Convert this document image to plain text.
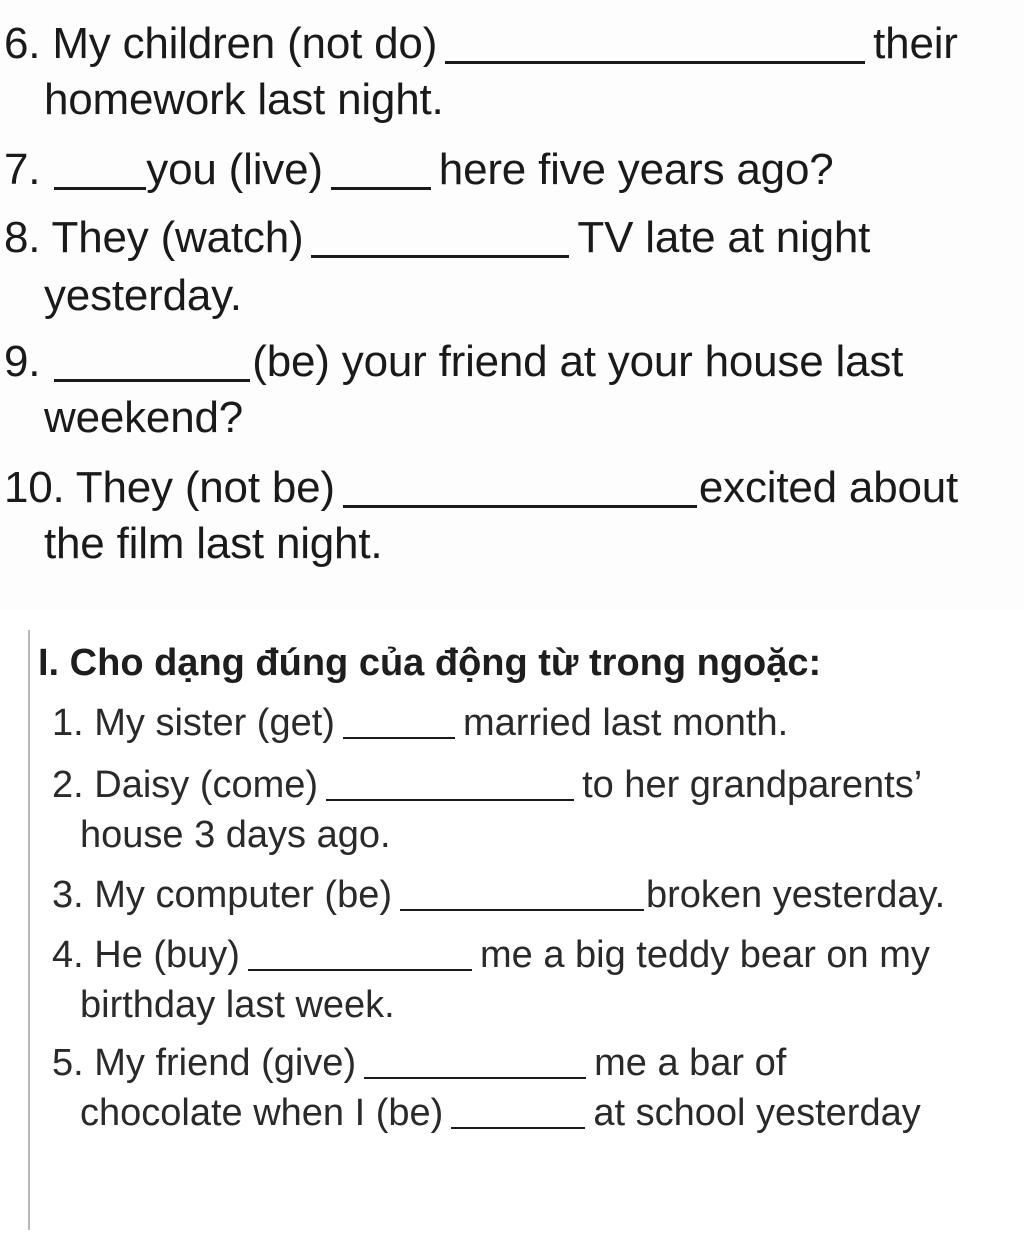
6. My children (not do)	their
homework last night.
7. you (live)	here five years ago?
8. They (watch)	TV late at night
yesterday.
9.	(be) your friend at your house last
weekend?
10. They (not be)	excited about
the film last night.
I. Cho dạng đúng của động từ trong ngoặc:
1. My sister (get)	married last month.
2. Daisy (come)	to her grandparents’
house 3 days ago.
3. My computer (be)	broken yesterday.
4. He (buy)	me a big teddy bear on my
birthday last week.
5. My friend (give)	me a bar of
chocolate when I (be)	at school yesterday
